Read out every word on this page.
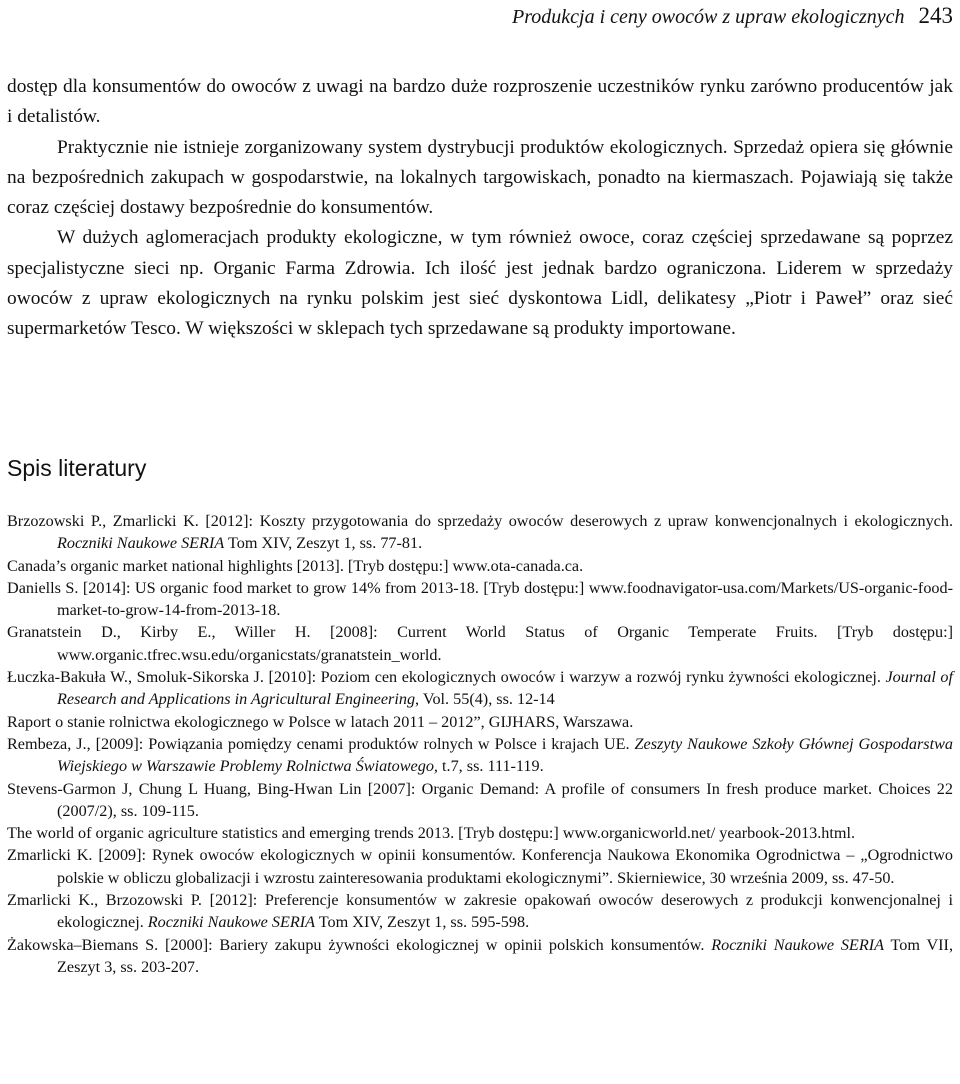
Produkcja i ceny owoców z upraw ekologicznych 243

dostęp dla konsumentów do owoców z uwagi na bardzo duże rozproszenie uczestników rynku zarówno producentów jak i detalistów.

Praktycznie nie istnieje zorganizowany system dystrybucji produktów ekologicznych. Sprzedaż opiera się głównie na bezpośrednich zakupach w gospodarstwie, na lokalnych targowiskach, ponadto na kiermaszach. Pojawiają się także coraz częściej dostawy bezpośrednie do konsumentów.

W dużych aglomeracjach produkty ekologiczne, w tym również owoce, coraz częściej sprzedawane są poprzez specjalistyczne sieci np. Organic Farma Zdrowia. Ich ilość jest jednak bardzo ograniczona. Liderem w sprzedaży owoców z upraw ekologicznych na rynku polskim jest sieć dyskontowa Lidl, delikatesy „Piotr i Paweł” oraz sieć supermarketów Tesco. W większości w sklepach tych sprzedawane są produkty importowane.

Spis literatury
Brzozowski P., Zmarlicki K. [2012]: Koszty przygotowania do sprzedaży owoców deserowych z upraw konwencjonalnych i ekologicznych. Roczniki Naukowe SERIA Tom XIV, Zeszyt 1, ss. 77-81.
Canada’s organic market national highlights [2013]. [Tryb dostępu:] www.ota-canada.ca.
Daniells S. [2014]: US organic food market to grow 14% from 2013-18. [Tryb dostępu:] www.foodnavigator-usa.com/Markets/US-organic-food-market-to-grow-14-from-2013-18.
Granatstein D., Kirby E., Willer H. [2008]: Current World Status of Organic Temperate Fruits. [Tryb dostępu:] www.organic.tfrec.wsu.edu/organicstats/granatstein_world.
Łuczka-Bakuła W., Smoluk-Sikorska J. [2010]: Poziom cen ekologicznych owoców i warzyw a rozwój rynku żywności ekologicznej. Journal of Research and Applications in Agricultural Engineering, Vol. 55(4), ss. 12-14
Raport o stanie rolnictwa ekologicznego w Polsce w latach 2011 – 2012”, GIJHARS, Warszawa.
Rembeza, J., [2009]: Powiązania pomiędzy cenami produktów rolnych w Polsce i krajach UE. Zeszyty Naukowe Szkoły Głównej Gospodarstwa Wiejskiego w Warszawie Problemy Rolnictwa Światowego, t.7, ss. 111-119.
Stevens-Garmon J, Chung L Huang, Bing-Hwan Lin [2007]: Organic Demand: A profile of consumers In fresh produce market. Choices 22 (2007/2), ss. 109-115.
The world of organic agriculture statistics and emerging trends 2013. [Tryb dostępu:] www.organicworld.net/ yearbook-2013.html.
Zmarlicki K. [2009]: Rynek owoców ekologicznych w opinii konsumentów. Konferencja Naukowa Ekonomika Ogrodnictwa – „Ogrodnictwo polskie w obliczu globalizacji i wzrostu zainteresowania produktami ekologicznymi”. Skierniewice, 30 września 2009, ss. 47-50.
Zmarlicki K., Brzozowski P. [2012]: Preferencje konsumentów w zakresie opakowań owoców deserowych z produkcji konwencjonalnej i ekologicznej. Roczniki Naukowe SERIA Tom XIV, Zeszyt 1, ss. 595-598.
Żakowska–Biemans S. [2000]: Bariery zakupu żywności ekologicznej w opinii polskich konsumentów. Roczniki Naukowe SERIA Tom VII, Zeszyt 3, ss. 203-207.
